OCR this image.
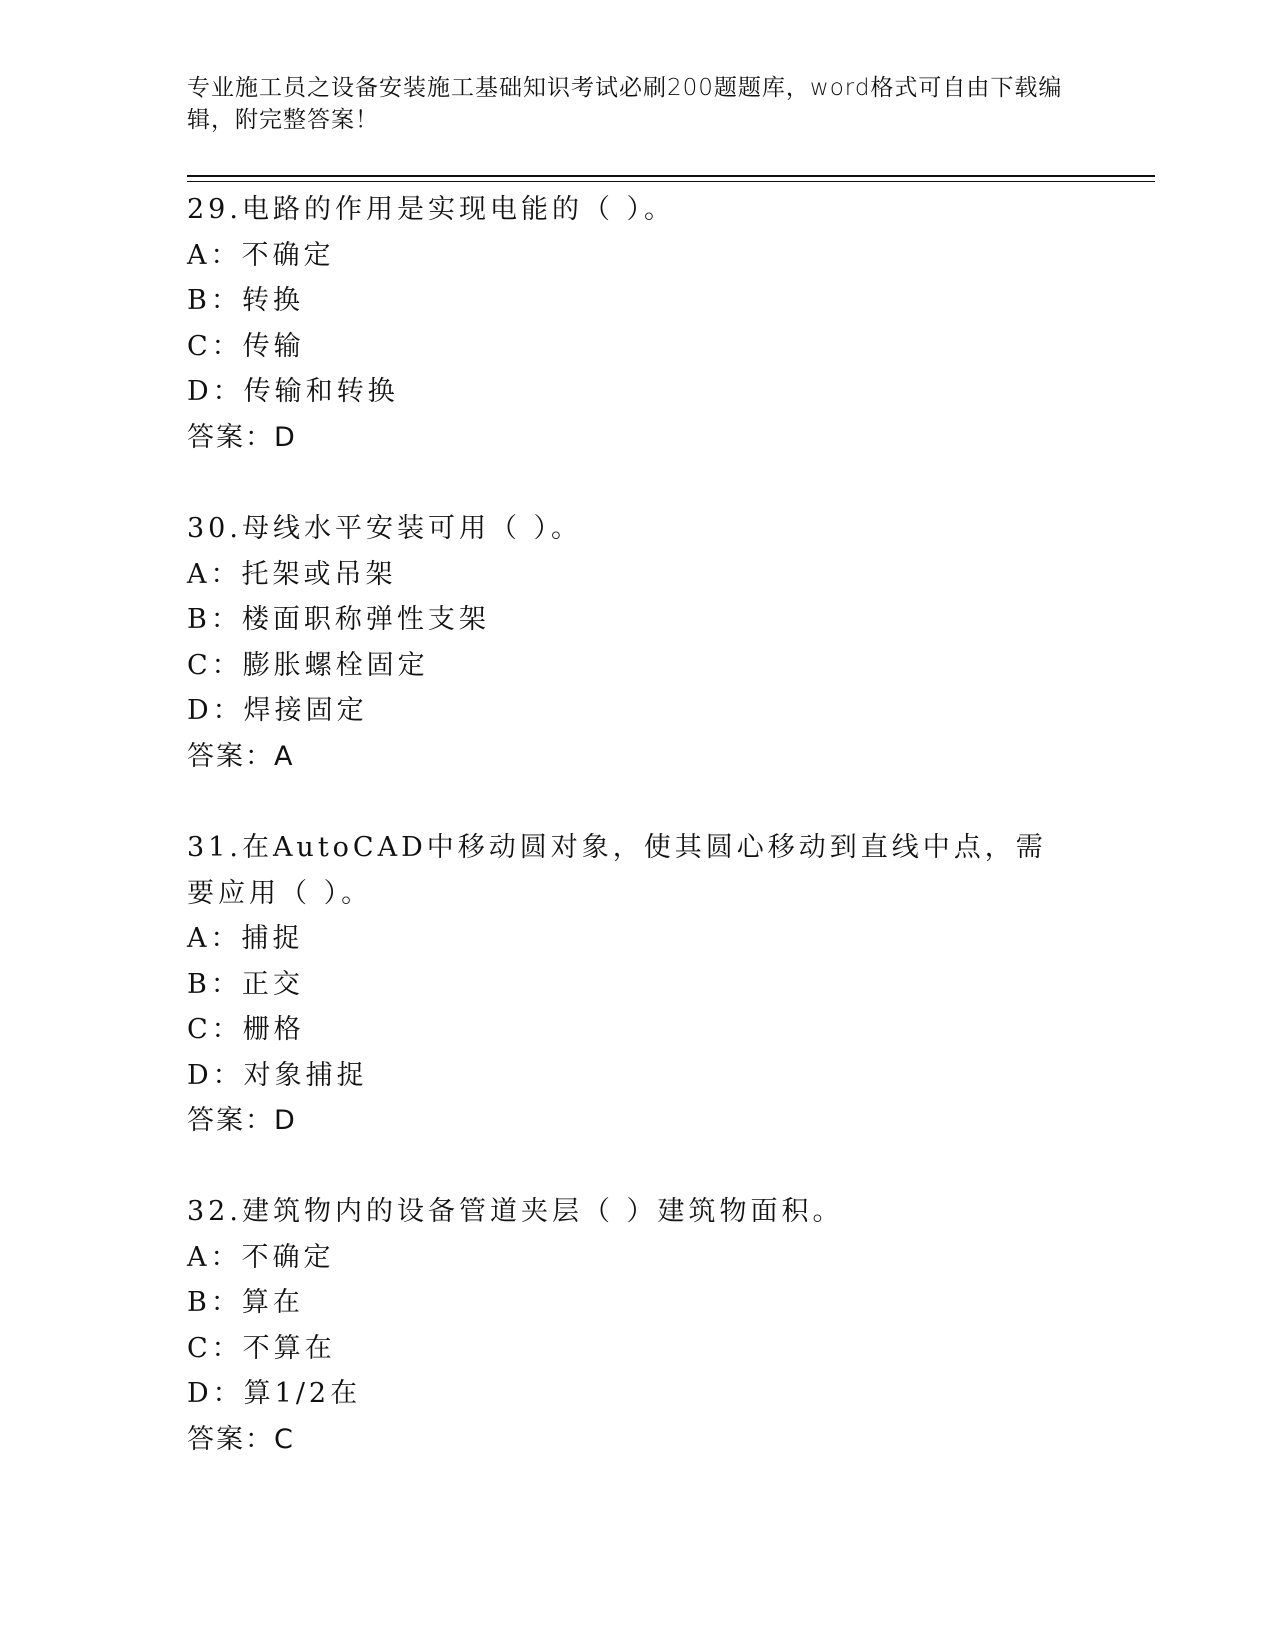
专业施工员之设备安装施工基础知识考试必刷200题题库，word格式可自由下载编辑，附完整答案！
29.电路的作用是实现电能的（ ）。
A：不确定
B：转换
C：传输
D：传输和转换
答案：D
30.母线水平安装可用（ ）。
A：托架或吊架
B：楼面职称弹性支架
C：膨胀螺栓固定
D：焊接固定
答案：A
31.在AutoCAD中移动圆对象，使其圆心移动到直线中点，需要应用（ ）。
A：捕捉
B：正交
C：栅格
D：对象捕捉
答案：D
32.建筑物内的设备管道夹层（ ）建筑物面积。
A：不确定
B：算在
C：不算在
D：算1/2在
答案：C
